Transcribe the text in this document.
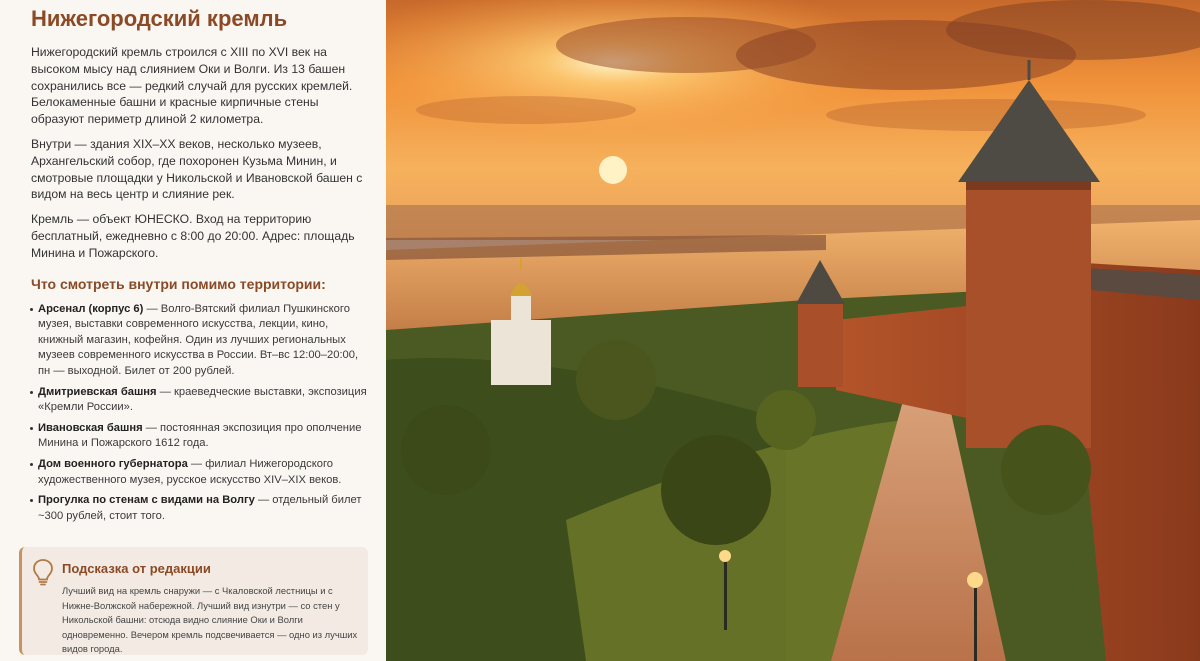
Нижегородский кремль

Нижегородский кремль строился с XIII по XVI век на высоком мысу над слиянием Оки и Волги. Из 13 башен сохранились все — редкий случай для русских кремлей. Белокаменные башни и красные кирпичные стены образуют периметр длиной 2 километра.

Внутри — здания XIX–XX веков, несколько музеев, Архангельский собор, где похоронен Кузьма Минин, и смотровые площадки у Никольской и Ивановской башен с видом на весь центр и слияние рек.

Кремль — объект ЮНЕСКО. Вход на территорию бесплатный, ежедневно с 8:00 до 20:00. Адрес: площадь Минина и Пожарского.

Что смотреть внутри помимо территории:
Арсенал (корпус 6) — Волго-Вятский филиал Пушкинского музея, выставки современного искусства, лекции, кино, книжный магазин, кофейня. Один из лучших региональных музеев современного искусства в России. Вт–вс 12:00–20:00, пн — выходной. Билет от 200 рублей.
Дмитриевская башня — краеведческие выставки, экспозиция «Кремли России».
Ивановская башня — постоянная экспозиция про ополчение Минина и Пожарского 1612 года.
Дом военного губернатора — филиал Нижегородского художественного музея, русское искусство XIV–XIX веков.
Прогулка по стенам с видами на Волгу — отдельный билет ~300 рублей, стоит того.
Подсказка от редакции
Лучший вид на кремль снаружи — с Чкаловской лестницы и с Нижне-Волжской набережной. Лучший вид изнутри — со стен у Никольской башни: отсюда видно слияние Оки и Волги одновременно. Вечером кремль подсвечивается — одно из лучших видов города.
